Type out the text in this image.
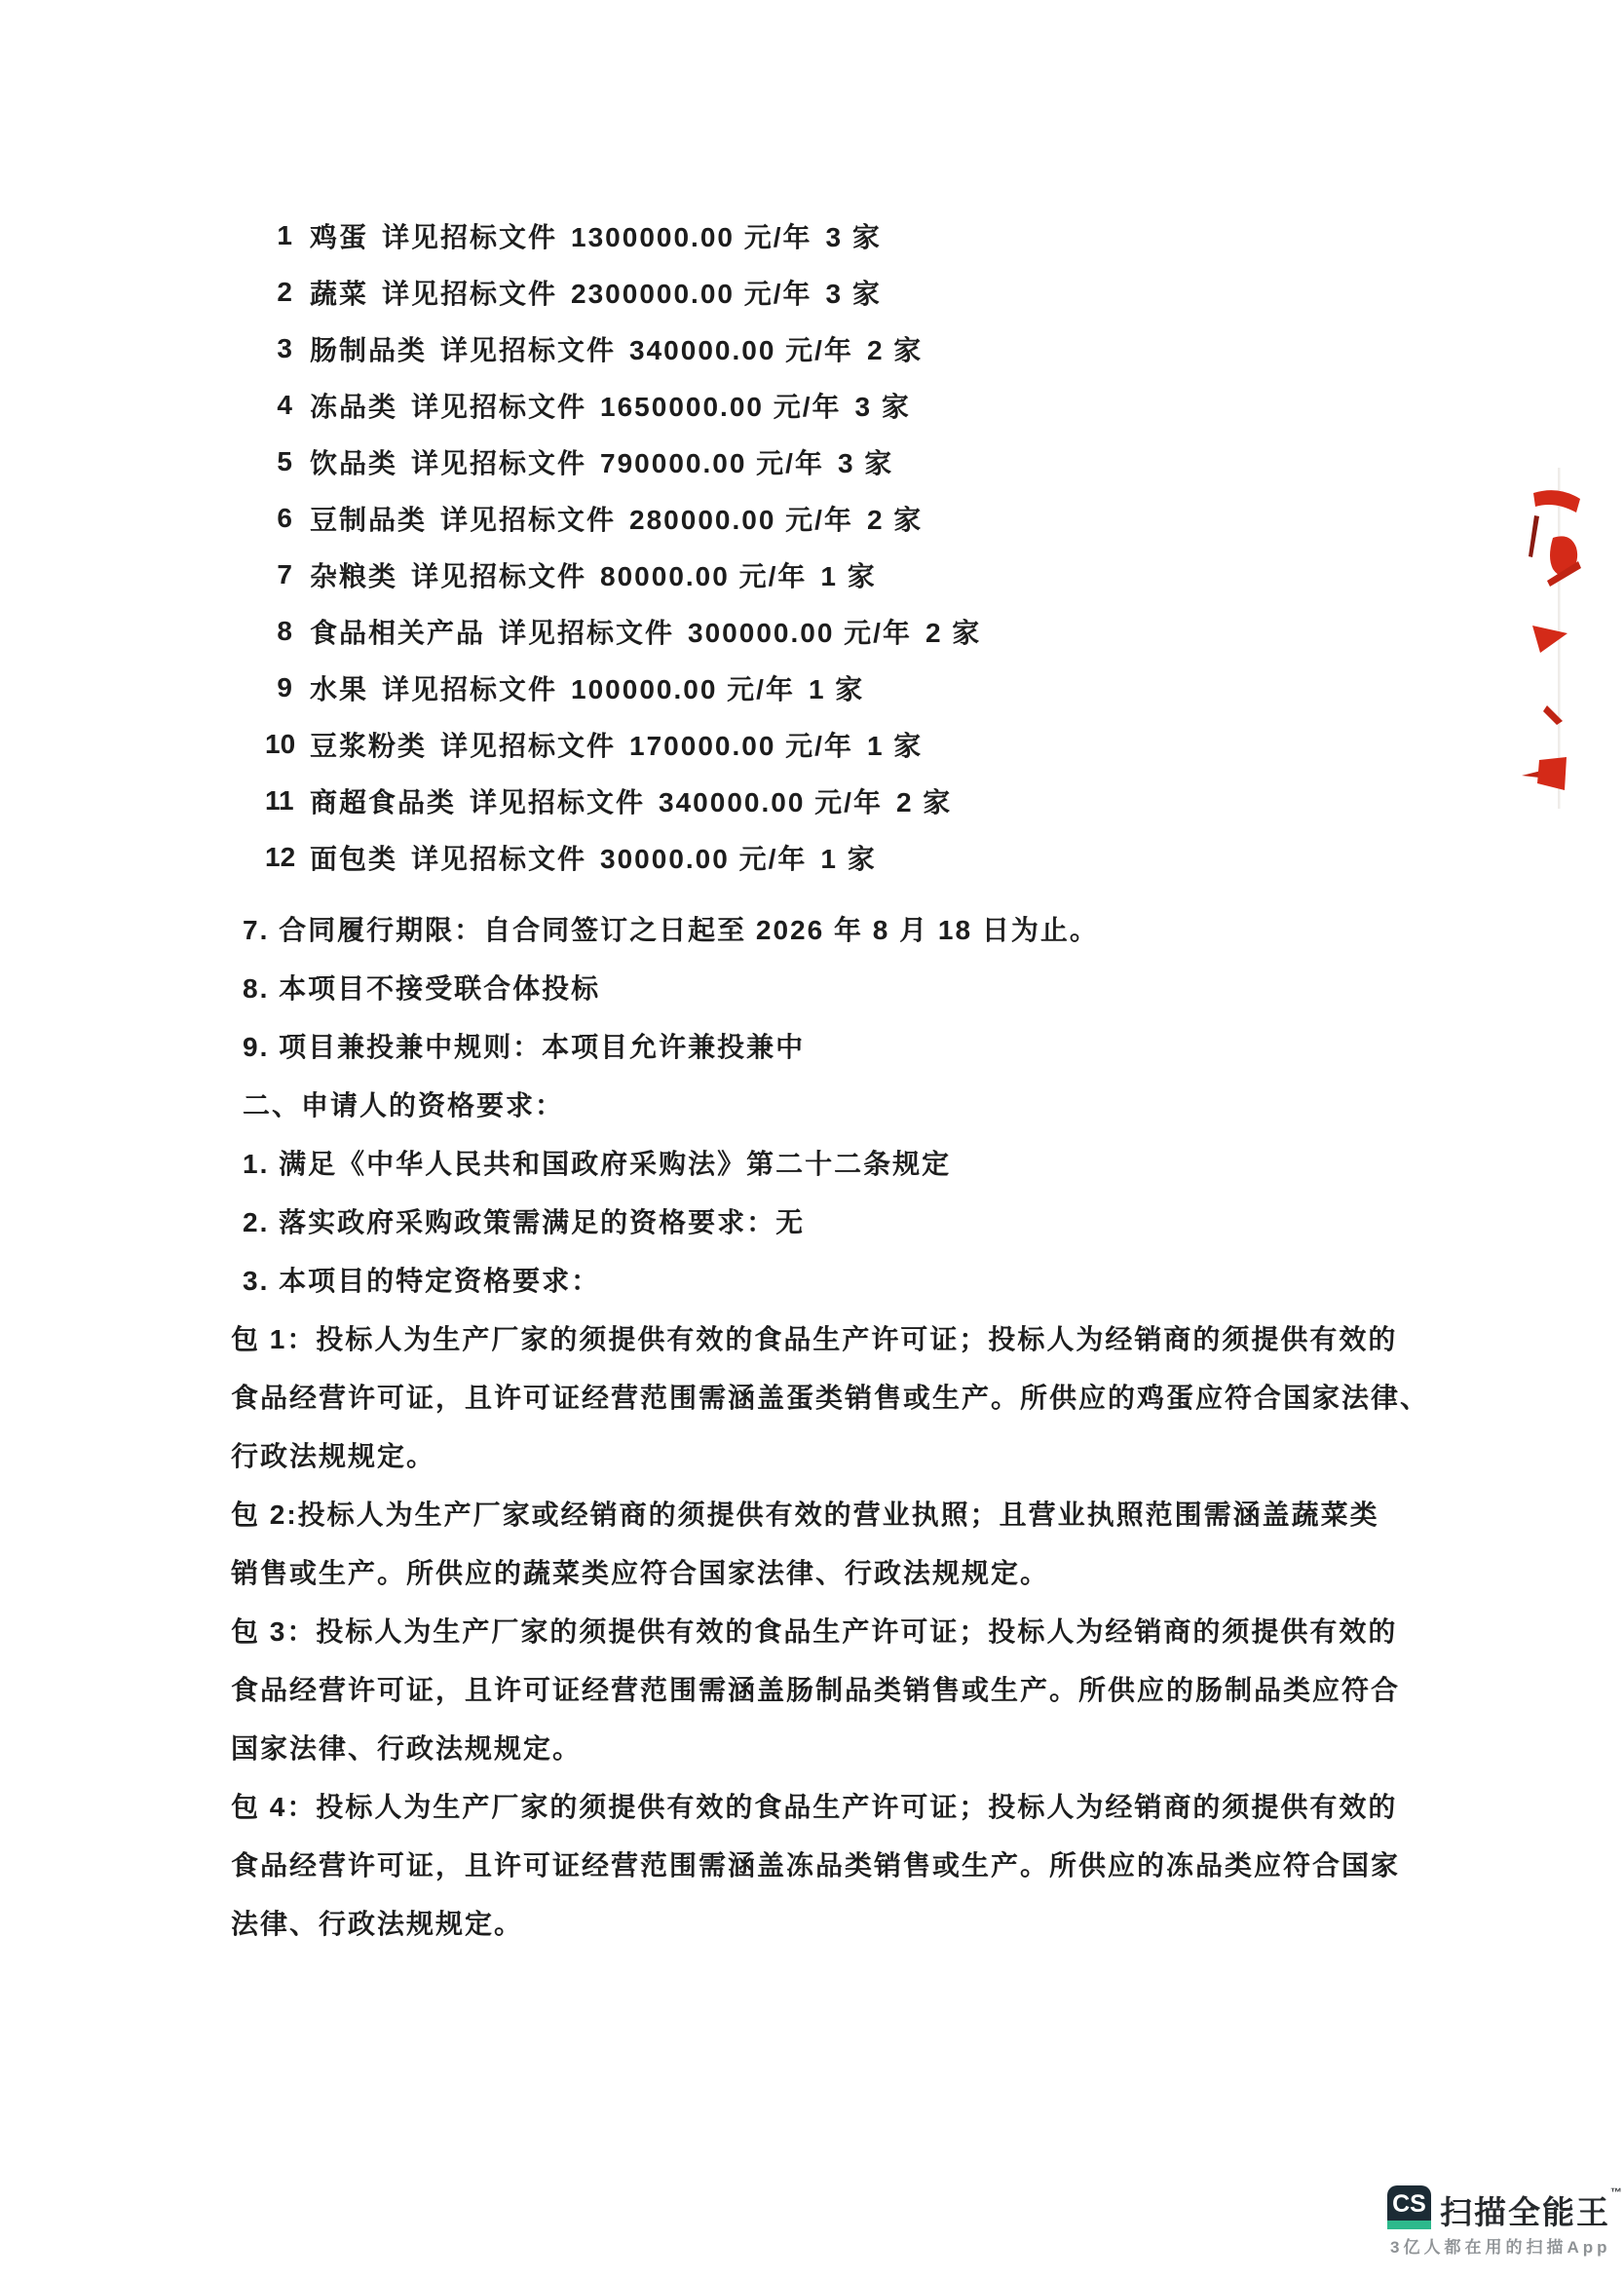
1 鸡蛋 详见招标文件 1300000.00 元/年 3 家
2 蔬菜 详见招标文件 2300000.00 元/年 3 家
3 肠制品类 详见招标文件 340000.00 元/年 2 家
4 冻品类 详见招标文件 1650000.00 元/年 3 家
5 饮品类 详见招标文件 790000.00 元/年 3 家
6 豆制品类 详见招标文件 280000.00 元/年 2 家
7 杂粮类 详见招标文件 80000.00 元/年 1 家
8 食品相关产品 详见招标文件 300000.00 元/年 2 家
9 水果 详见招标文件 100000.00 元/年 1 家
10 豆浆粉类 详见招标文件 170000.00 元/年 1 家
11 商超食品类 详见招标文件 340000.00 元/年 2 家
12 面包类 详见招标文件 30000.00 元/年 1 家
7. 合同履行期限：自合同签订之日起至 2026 年 8 月 18 日为止。
8. 本项目不接受联合体投标
9. 项目兼投兼中规则：本项目允许兼投兼中
二、申请人的资格要求：
1. 满足《中华人民共和国政府采购法》第二十二条规定
2. 落实政府采购政策需满足的资格要求：无
3. 本项目的特定资格要求：
包 1：投标人为生产厂家的须提供有效的食品生产许可证；投标人为经销商的须提供有效的
食品经营许可证，且许可证经营范围需涵盖蛋类销售或生产。所供应的鸡蛋应符合国家法律、
行政法规规定。
包 2:投标人为生产厂家或经销商的须提供有效的营业执照；且营业执照范围需涵盖蔬菜类
销售或生产。所供应的蔬菜类应符合国家法律、行政法规规定。
包 3：投标人为生产厂家的须提供有效的食品生产许可证；投标人为经销商的须提供有效的
食品经营许可证，且许可证经营范围需涵盖肠制品类销售或生产。所供应的肠制品类应符合
国家法律、行政法规规定。
包 4：投标人为生产厂家的须提供有效的食品生产许可证；投标人为经销商的须提供有效的
食品经营许可证，且许可证经营范围需涵盖冻品类销售或生产。所供应的冻品类应符合国家
法律、行政法规规定。
CS 扫描全能王™
3亿人都在用的扫描App
